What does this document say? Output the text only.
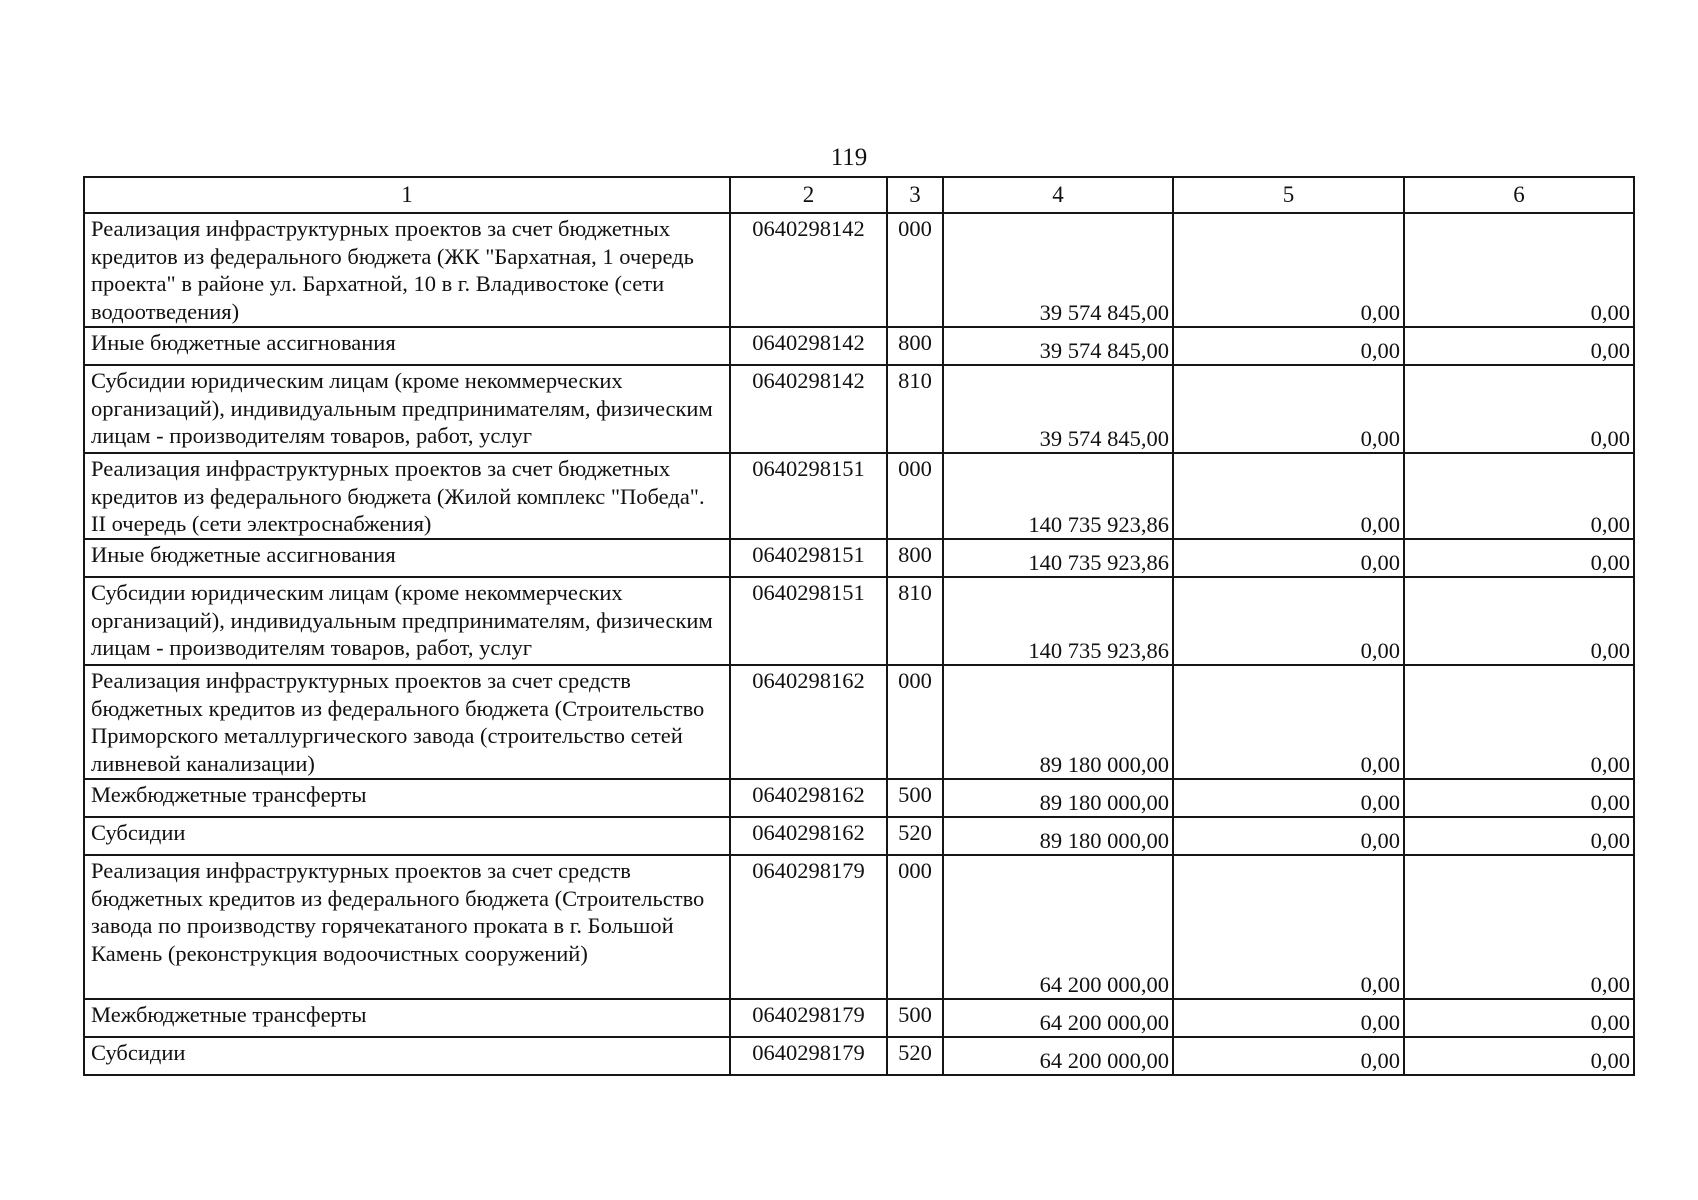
119
1	2	3	4	5	6
Реализация инфраструктурных проектов за счет бюджетных кредитов из федерального бюджета (ЖК "Бархатная, 1 очередь проекта" в районе ул. Бархатной, 10 в г. Владивостоке (сети водоотведения)	0640298142	000	39 574 845,00	0,00	0,00
Иные бюджетные ассигнования	0640298142	800	39 574 845,00	0,00	0,00
Субсидии юридическим лицам (кроме некоммерческих организаций), индивидуальным предпринимателям, физическим лицам - производителям товаров, работ, услуг	0640298142	810	39 574 845,00	0,00	0,00
Реализация инфраструктурных проектов за счет бюджетных кредитов из федерального бюджета (Жилой комплекс "Победа". II очередь (сети электроснабжения)	0640298151	000	140 735 923,86	0,00	0,00
Иные бюджетные ассигнования	0640298151	800	140 735 923,86	0,00	0,00
Субсидии юридическим лицам (кроме некоммерческих организаций), индивидуальным предпринимателям, физическим лицам - производителям товаров, работ, услуг	0640298151	810	140 735 923,86	0,00	0,00
Реализация инфраструктурных проектов за счет средств бюджетных кредитов из федерального бюджета (Строительство Приморского металлургического завода (строительство сетей ливневой канализации)	0640298162	000	89 180 000,00	0,00	0,00
Межбюджетные трансферты	0640298162	500	89 180 000,00	0,00	0,00
Субсидии	0640298162	520	89 180 000,00	0,00	0,00
Реализация инфраструктурных проектов за счет средств бюджетных кредитов из федерального бюджета (Строительство завода по производству горячекатаного проката в г. Большой Камень (реконструкция водоочистных сооружений)	0640298179	000	64 200 000,00	0,00	0,00
Межбюджетные трансферты	0640298179	500	64 200 000,00	0,00	0,00
Субсидии	0640298179	520	64 200 000,00	0,00	0,00
